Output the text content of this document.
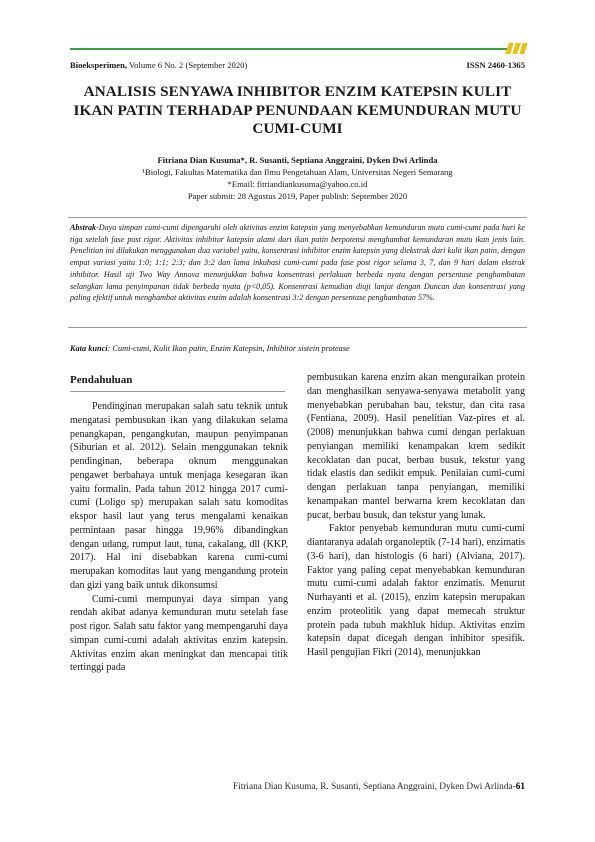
Bioeksperimen, Volume 6 No. 2 (September 2020)	ISSN 2460-1365
ANALISIS SENYAWA INHIBITOR ENZIM KATEPSIN KULIT IKAN PATIN TERHADAP PENUNDAAN KEMUNDURAN MUTU CUMI-CUMI
Fitriana Dian Kusuma*, R. Susanti, Septiana Anggraini, Dyken Dwi Arlinda
¹Biologi, Fakultas Matematika dan Ilmu Pengetahuan Alam, Universitas Negeri Semarang
*Email: fitriandiankusuma@yahoo.co.id
Paper submit: 28 Agustus 2019, Paper publish: September 2020

Abstrak-Daya simpan cumi-cumi dipengaruhi oleh aktivitas enzim katepsin yang menyebabkan kemunduran mutu cumi-cumi pada hari ke tiga setelah fase post rigor. Aktivitas inhibitor katepsin alami dari ikan patin berpotensi menghambat kemunduran mutu ikan jenis lain. Penelitian ini dilakukan menggunakan dua variabel yaitu, konsentrasi inhibitor enzim katepsin yang diekstrak dari kulit ikan patin, dengan empat variasi yaitu 1:0; 1:1; 2:3; dan 3:2 dan lama inkubasi cumi-cumi pada fase post rigor selama 3, 7, dan 9 hari dalam ekstrak inhibitor. Hasil uji Two Way Annova menunjukkan bahwa konsentrasi perlakuan berbeda nyata dengan persentase penghambatan selangkan lama penyimpanan tidak berbeda nyata (p<0,05). Konsentrasi kemudian diuji lanjut dengan Duncan dan konsentrasi yang paling efektif untuk menghambat aktivitas enzim adalah konsentrasi 3:2 dengan persentase penghambatan 57%.

Kata kunci: Cumi-cumi, Kulit Ikan patin, Enzim Katepsin, Inhibitor sistein protease

Pendahuluan

Pendinginan merupakan salah satu teknik untuk mengatasi pembusukan ikan yang dilakukan selama penangkapan, pengangkutan, maupun penyimpanan (Siburian et al. 2012). Selain menggunakan teknik pendinginan, beberapa oknum menggunakan pengawet berbahaya untuk menjaga kesegaran ikan yaitu formalin. Pada tahun 2012 hingga 2017 cumi-cumi (Loligo sp) merupakan salah satu komoditas ekspor hasil laut yang terus mengalami kenaikan permintaan pasar hingga 19,96% dibandingkan dengan udang, rumput laut, tuna, cakalang, dll (KKP, 2017). Hal ini disebabkan karena cumi-cumi merupakan komoditas laut yang mengandung protein dan gizi yang baik untuk dikonsumsi

Cumi-cumi mempunyai daya simpan yang rendah akibat adanya kemunduran mutu setelah fase post rigor. Salah satu faktor yang mempengaruhi daya simpan cumi-cumi adalah aktivitas enzim katepsin. Aktivitas enzim akan meningkat dan mencapai titik tertinggi pada

pembusukan karena enzim akan menguraikan protein dan menghasilkan senyawa-senyawa metabolit yang menyebabkan perubahan bau, tekstur, dan cita rasa (Fentiana, 2009). Hasil penelitian Vaz-pires et al. (2008) menunjukkan bahwa cumi dengan perlakuan penyiangan memiliki kenampakan krem sedikit kecoklatan dan pucat, berbau busuk, tekstur yang tidak elastis dan sedikit empuk. Penilaian cumi-cumi dengan perlakuan tanpa penyiangan, memiliki kenampakan mantel berwarna krem kecoklatan dan pucat, berbau busuk, dan tekstur yang lunak.

Faktor penyebab kemunduran mutu cumi-cumi diantaranya adalah organoleptik (7-14 hari), enzimatis (3-6 hari), dan histologis (6 hari) (Alviana, 2017). Faktor yang paling cepat menyebabkan kemunduran mutu cumi-cumi adalah faktor enzimatis. Menurut Nurhayanti et al. (2015), enzim katepsin merupakan enzim proteolitik yang dapat memecah struktur protein pada tubuh makhluk hidup. Aktivitas enzim katepsin dapat dicegah dengan inhibitor spesifik. Hasil pengujian Fikri (2014), menunjukkan

Fitriana Dian Kusuma, R. Susanti, Septiana Anggraini, Dyken Dwi Arlinda-61
